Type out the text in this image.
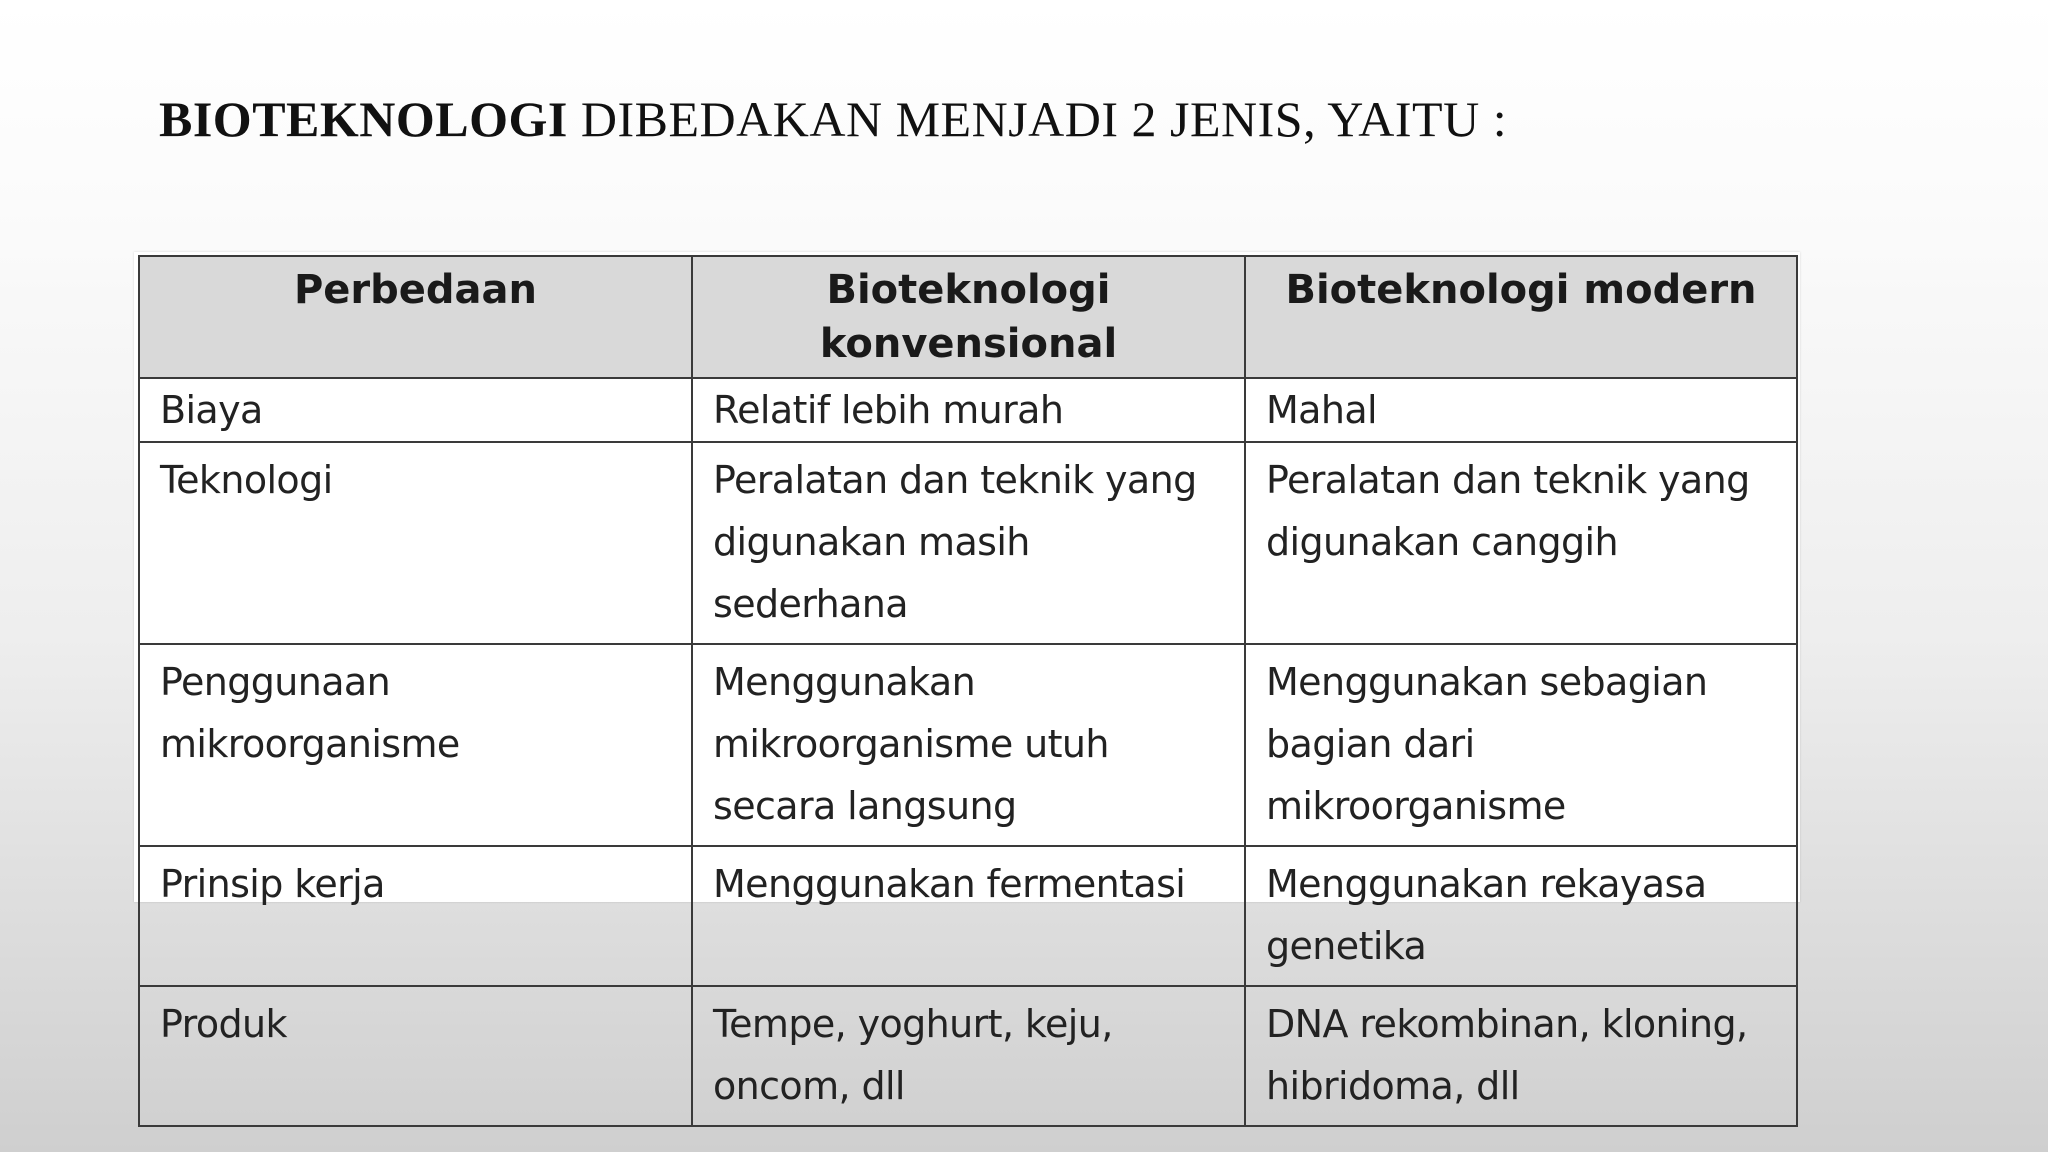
BIOTEKNOLOGI DIBEDAKAN MENJADI 2 JENIS, YAITU :
Perbedaan	Bioteknologi konvensional	Bioteknologi modern

Biaya	Relatif lebih murah	Mahal

Teknologi	Peralatan dan teknik yang digunakan masih sederhana	Peralatan dan teknik yang digunakan canggih

Penggunaan mikroorganisme	Menggunakan mikroorganisme utuh secara langsung	Menggunakan sebagian bagian dari mikroorganisme

Prinsip kerja	Menggunakan fermentasi	Menggunakan rekayasa genetika

Produk	Tempe, yoghurt, keju, oncom, dll	DNA rekombinan, kloning, hibridoma, dll
